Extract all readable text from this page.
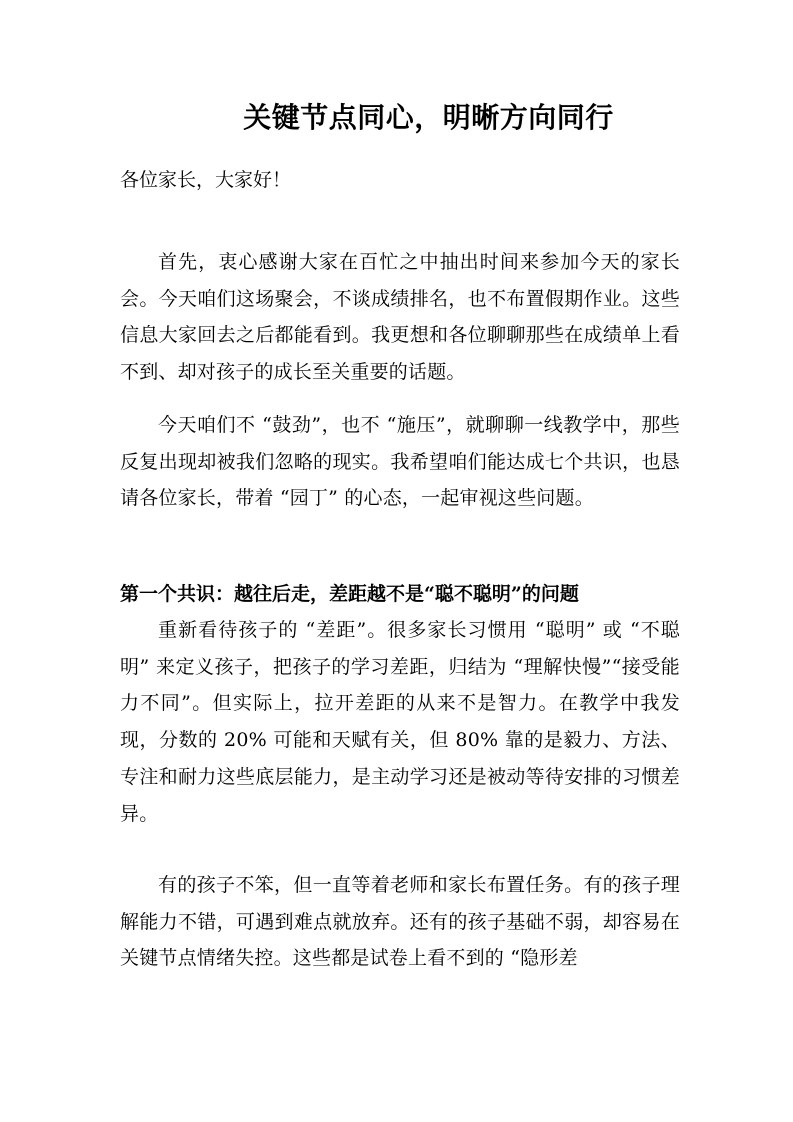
关键节点同心，明晰方向同行
各位家长，大家好！

首先，衷心感谢大家在百忙之中抽出时间来参加今天的家长会。今天咱们这场聚会，不谈成绩排名，也不布置假期作业。这些信息大家回去之后都能看到。我更想和各位聊聊那些在成绩单上看不到、却对孩子的成长至关重要的话题。

今天咱们不 “鼓劲”，也不 “施压”，就聊聊一线教学中，那些反复出现却被我们忽略的现实。我希望咱们能达成七个共识，也恳请各位家长，带着 “园丁” 的心态，一起审视这些问题。

第一个共识：越往后走，差距越不是“聪不聪明”的问题

重新看待孩子的 “差距”。很多家长习惯用 “聪明” 或 “不聪明” 来定义孩子，把孩子的学习差距，归结为 “理解快慢”“接受能力不同”。但实际上，拉开差距的从来不是智力。在教学中我发现，分数的 20% 可能和天赋有关，但 80% 靠的是毅力、方法、专注和耐力这些底层能力，是主动学习还是被动等待安排的习惯差异。

有的孩子不笨，但一直等着老师和家长布置任务。有的孩子理解能力不错，可遇到难点就放弃。还有的孩子基础不弱，却容易在关键节点情绪失控。这些都是试卷上看不到的 “隐形差
